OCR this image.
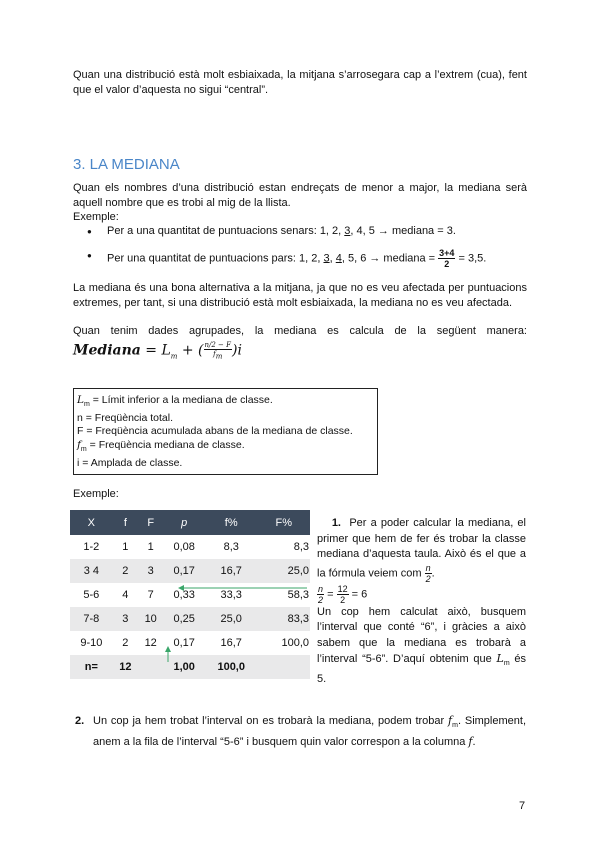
Quan una distribució està molt esbiaixada, la mitjana s’arrosegara cap a l’extrem (cua), fent que el valor d’aquesta no sigui “central”.

3. LA MEDIANA

Quan els nombres d’una distribució estan endreçats de menor a major, la mediana serà aquell nombre que es trobi al mig de la llista.

Exemple:
● Per a una quantitat de puntuacions senars: 1, 2, 3, 4, 5 → mediana = 3.
● Per una quantitat de puntuacions pars: 1, 2, 3, 4, 5, 6 → mediana = $\frac{3+4}{2} = 3,5$.

La mediana és una bona alternativa a la mitjana, ja que no es veu afectada per puntuacions extremes, per tant, si una distribució està molt esbiaixada, la mediana no es veu afectada.

Quan tenim dades agrupades, la mediana es calcula de la següent manera:

Mediana = $L_m$ + ( $\frac{n/2 - F}{fm} )i$
$L_m$ = Límit inferior a la mediana de classe.
n = Freqüència total.
F = Freqüència acumulada abans de la mediana de classe.
$f_m$ = Freqüència mediana de classe.
i = Amplada de classe.
Exemple:
X	f	F	p	f%	F%
1-2	1	1	0,08	8,3	8,3
3 4	2	3	0,17	16,7	25,0
5-6	4	7	0,33	33,3	58,3
7-8	3	10	0,25	25,0	83,3
9-10	2	12	0,17	16,7	100,0
n=	12		1,00	100,0	
1. Per a poder calcular la mediana, el primer que hem de fer és trobar la classe mediana d’aquesta taula. Això és el que a la fórmula veiem com $\frac{n}{2}$ .

$\frac{n}{2} = \frac{12}{2} = 6$
Un cop hem calculat això, busquem l’interval que conté “6”, i gràcies a això sabem que la mediana es trobarà a l’interval “5-6”. D’aquí obtenim que $L_m$ és 5.
2. Un cop ja hem trobat l’interval on es trobarà la mediana, podem trobar $f_m$. Simplement, anem a la fila de l’interval “5-6” i busquem quin valor correspon a la columna f.
7
